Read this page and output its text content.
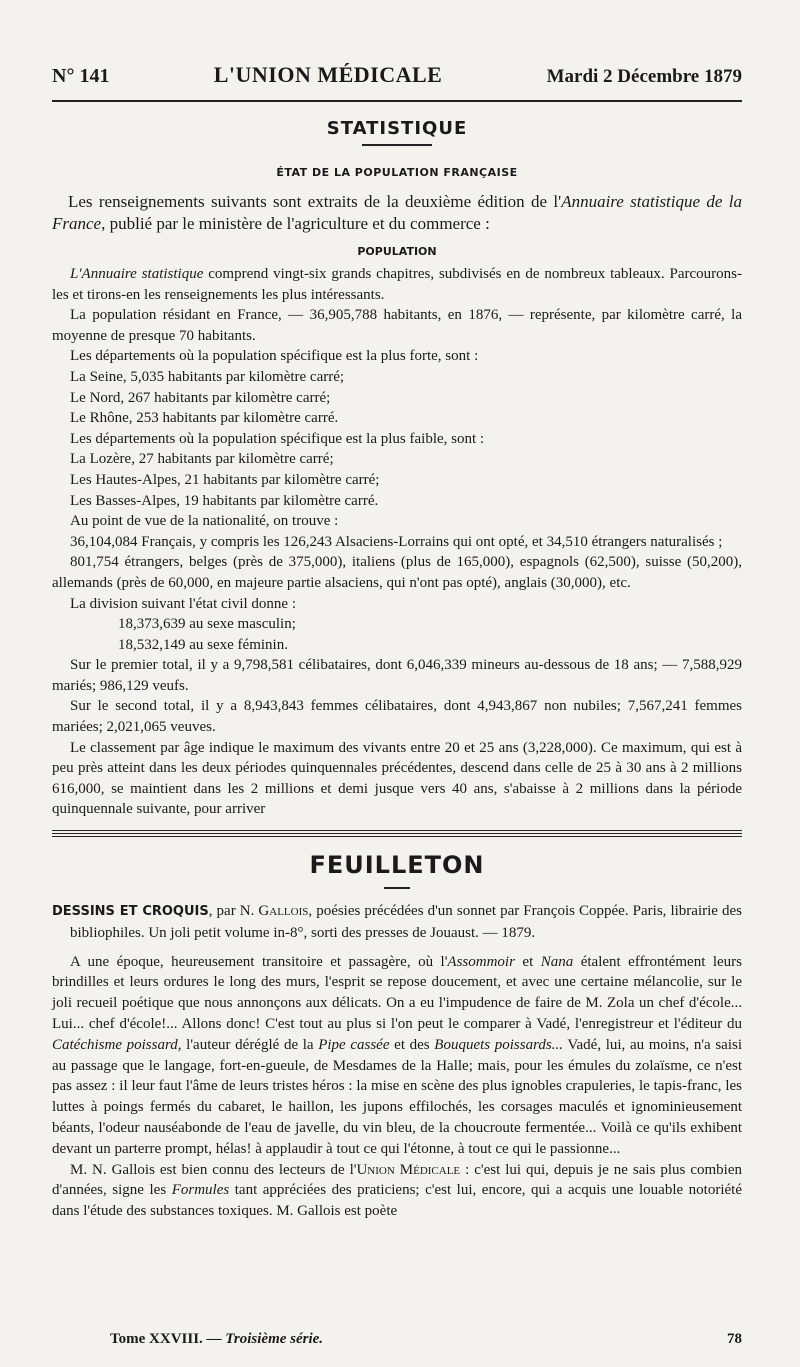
N° 141	L'UNION MÉDICALE	Mardi 2 Décembre 1879
STATISTIQUE
ÉTAT DE LA POPULATION FRANÇAISE

Les renseignements suivants sont extraits de la deuxième édition de l'Annuaire statistique de la France, publié par le ministère de l'agriculture et du commerce :

POPULATION

L'Annuaire statistique comprend vingt-six grands chapitres, subdivisés en de nombreux tableaux. Parcourons-les et tirons-en les renseignements les plus intéressants.

La population résidant en France, — 36,905,788 habitants, en 1876, — représente, par kilomètre carré, la moyenne de presque 70 habitants.

Les départements où la population spécifique est la plus forte, sont :

La Seine, 5,035 habitants par kilomètre carré;

Le Nord, 267 habitants par kilomètre carré;

Le Rhône, 253 habitants par kilomètre carré.

Les départements où la population spécifique est la plus faible, sont :

La Lozère, 27 habitants par kilomètre carré;

Les Hautes-Alpes, 21 habitants par kilomètre carré;

Les Basses-Alpes, 19 habitants par kilomètre carré.

Au point de vue de la nationalité, on trouve :

36,104,084 Français, y compris les 126,243 Alsaciens-Lorrains qui ont opté, et 34,510 étrangers naturalisés ;

801,754 étrangers, belges (près de 375,000), italiens (plus de 165,000), espagnols (62,500), suisse (50,200), allemands (près de 60,000, en majeure partie alsaciens, qui n'ont pas opté), anglais (30,000), etc.

La division suivant l'état civil donne :

18,373,639 au sexe masculin;

18,532,149 au sexe féminin.

Sur le premier total, il y a 9,798,581 célibataires, dont 6,046,339 mineurs au-dessous de 18 ans; — 7,588,929 mariés; 986,129 veufs.

Sur le second total, il y a 8,943,843 femmes célibataires, dont 4,943,867 non nubiles; 7,567,241 femmes mariées; 2,021,065 veuves.

Le classement par âge indique le maximum des vivants entre 20 et 25 ans (3,228,000). Ce maximum, qui est à peu près atteint dans les deux périodes quinquennales précédentes, descend dans celle de 25 à 30 ans à 2 millions 616,000, se maintient dans les 2 millions et demi jusque vers 40 ans, s'abaisse à 2 millions dans la période quinquennale suivante, pour arriver

FEUILLETON

DESSINS ET CROQUIS, par N. Gallois, poésies précédées d'un sonnet par François Coppée. Paris, librairie des bibliophiles. Un joli petit volume in-8°, sorti des presses de Jouaust. — 1879.

A une époque, heureusement transitoire et passagère, où l'Assommoir et Nana étalent effrontément leurs brindilles et leurs ordures le long des murs, l'esprit se repose doucement, et avec une certaine mélancolie, sur le joli recueil poétique que nous annonçons aux délicats. On a eu l'impudence de faire de M. Zola un chef d'école... Lui... chef d'école!... Allons donc! C'est tout au plus si l'on peut le comparer à Vadé, l'enregistreur et l'éditeur du Catéchisme poissard, l'auteur déréglé de la Pipe cassée et des Bouquets poissards... Vadé, lui, au moins, n'a saisi au passage que le langage, fort-en-gueule, de Mesdames de la Halle; mais, pour les émules du zolaïsme, ce n'est pas assez : il leur faut l'âme de leurs tristes héros : la mise en scène des plus ignobles crapuleries, le tapis-franc, les luttes à poings fermés du cabaret, le haillon, les jupons effilochés, les corsages maculés et ignominieusement béants, l'odeur nauséabonde de l'eau de javelle, du vin bleu, de la choucroute fermentée... Voilà ce qu'ils exhibent devant un parterre prompt, hélas! à applaudir à tout ce qui l'étonne, à tout ce qui le passionne...

M. N. Gallois est bien connu des lecteurs de l'Union Médicale : c'est lui qui, depuis je ne sais plus combien d'années, signe les Formules tant appréciées des praticiens; c'est lui, encore, qui a acquis une louable notoriété dans l'étude des substances toxiques. M. Gallois est poète

Tome XXVIII. — Troisième série.	78
